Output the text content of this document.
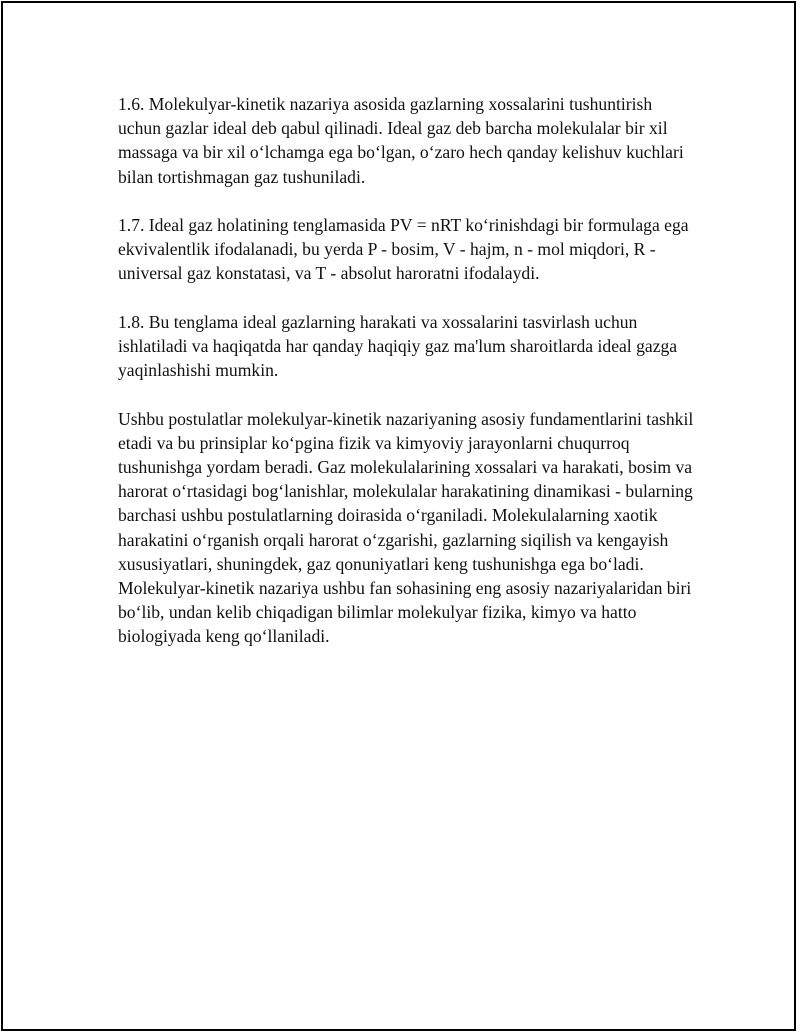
1.6. Molekulyar-kinetik nazariya asosida gazlarning xossalarini tushuntirish uchun gazlar ideal deb qabul qilinadi. Ideal gaz deb barcha molekulalar bir xil massaga va bir xil o‘lchamga ega bo‘lgan, o‘zaro hech qanday kelishuv kuchlari bilan tortishmagan gaz tushuniladi.

1.7. Ideal gaz holatining tenglamasida PV = nRT ko‘rinishdagi bir formulaga ega ekvivalentlik ifodalanadi, bu yerda P - bosim, V - hajm, n - mol miqdori, R - universal gaz konstatasi, va T - absolut haroratni ifodalaydi.

1.8. Bu tenglama ideal gazlarning harakati va xossalarini tasvirlash uchun ishlatiladi va haqiqatda har qanday haqiqiy gaz ma'lum sharoitlarda ideal gazga yaqinlashishi mumkin.

Ushbu postulatlar molekulyar-kinetik nazariyaning asosiy fundamentlarini tashkil etadi va bu prinsiplar ko‘pgina fizik va kimyoviy jarayonlarni chuqurroq tushunishga yordam beradi. Gaz molekulalarining xossalari va harakati, bosim va harorat o‘rtasidagi bog‘lanishlar, molekulalar harakatining dinamikasi - bularning barchasi ushbu postulatlarning doirasida o‘rganiladi. Molekulalarning xaotik harakatini o‘rganish orqali harorat o‘zgarishi, gazlarning siqilish va kengayish xususiyatlari, shuningdek, gaz qonuniyatlari keng tushunishga ega bo‘ladi. Molekulyar-kinetik nazariya ushbu fan sohasining eng asosiy nazariyalaridan biri bo‘lib, undan kelib chiqadigan bilimlar molekulyar fizika, kimyo va hatto biologiyada keng qo‘llaniladi.
